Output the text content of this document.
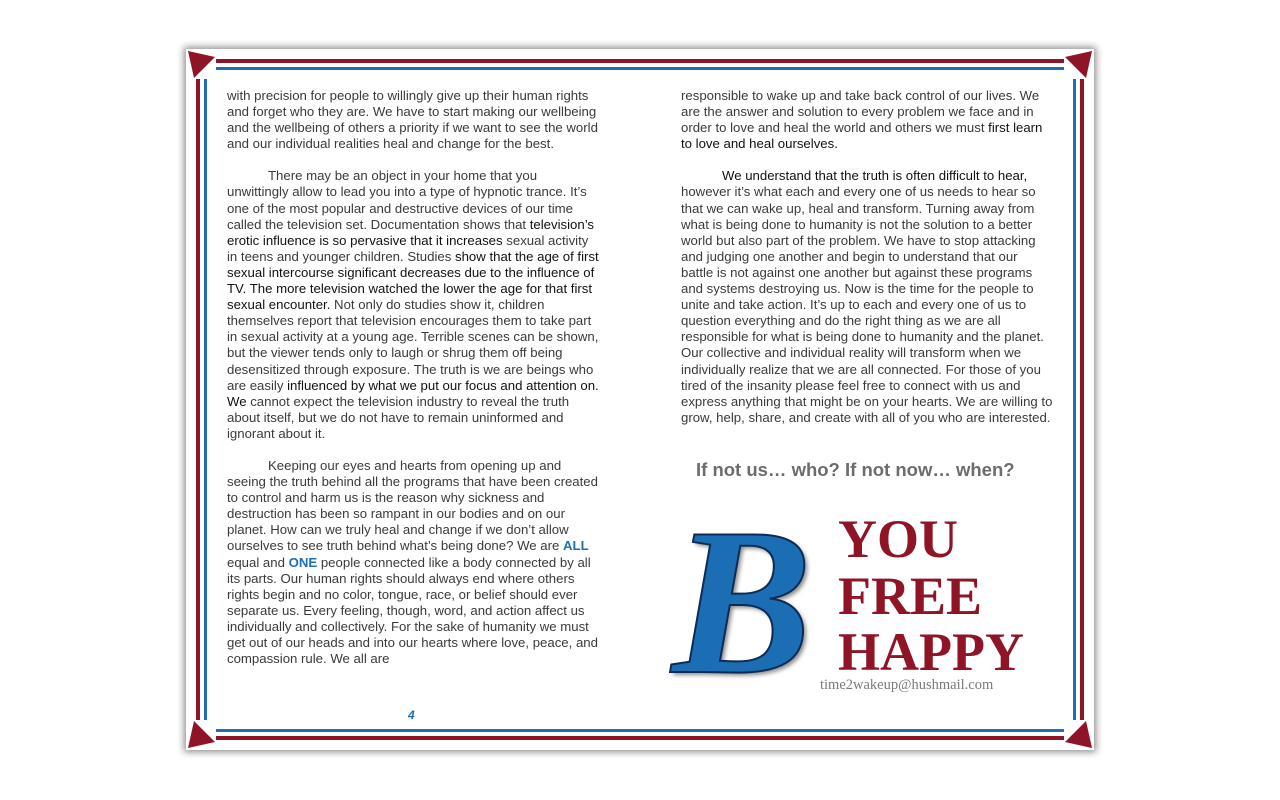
with precision for people to willingly give up their human rights and forget who they are. We have to start making our wellbeing and the wellbeing of others a priority if we want to see the world and our individual realities heal and change for the best.

There may be an object in your home that you unwittingly allow to lead you into a type of hypnotic trance. It’s one of the most popular and destructive devices of our time called the television set. Documentation shows that television’s erotic influence is so pervasive that it increases sexual activity in teens and younger children. Studies show that the age of first sexual intercourse significant decreases due to the influence of TV. The more television watched the lower the age for that first sexual encounter. Not only do studies show it, children themselves report that television encourages them to take part in sexual activity at a young age. Terrible scenes can be shown, but the viewer tends only to laugh or shrug them off being desensitized through exposure. The truth is we are beings who are easily influenced by what we put our focus and attention on. We cannot expect the television industry to reveal the truth about itself, but we do not have to remain uninformed and ignorant about it.

Keeping our eyes and hearts from opening up and seeing the truth behind all the programs that have been created to control and harm us is the reason why sickness and destruction has been so rampant in our bodies and on our planet. How can we truly heal and change if we don’t allow ourselves to see truth behind what’s being done? We are ALL equal and ONE people connected like a body connected by all its parts. Our human rights should always end where others rights begin and no color, tongue, race, or belief should ever separate us. Every feeling, though, word, and action affect us individually and collectively. For the sake of humanity we must get out of our heads and into our hearts where love, peace, and compassion rule. We all are

4

responsible to wake up and take back control of our lives. We are the answer and solution to every problem we face and in order to love and heal the world and others we must first learn to love and heal ourselves.

We understand that the truth is often difficult to hear, however it’s what each and every one of us needs to hear so that we can wake up, heal and transform. Turning away from what is being done to humanity is not the solution to a better world but also part of the problem. We have to stop attacking and judging one another and begin to understand that our battle is not against one another but against these programs and systems destroying us. Now is the time for the people to unite and take action. It’s up to each and every one of us to question everything and do the right thing as we are all responsible for what is being done to humanity and the planet. Our collective and individual reality will transform when we individually realize that we are all connected. For those of you tired of the insanity please feel free to connect with us and express anything that might be on your hearts. We are willing to grow, help, share, and create with all of you who are interested.

If not us… who? If not now… when?
B YOU
FREE
HAPPY
time2wakeup@hushmail.com
